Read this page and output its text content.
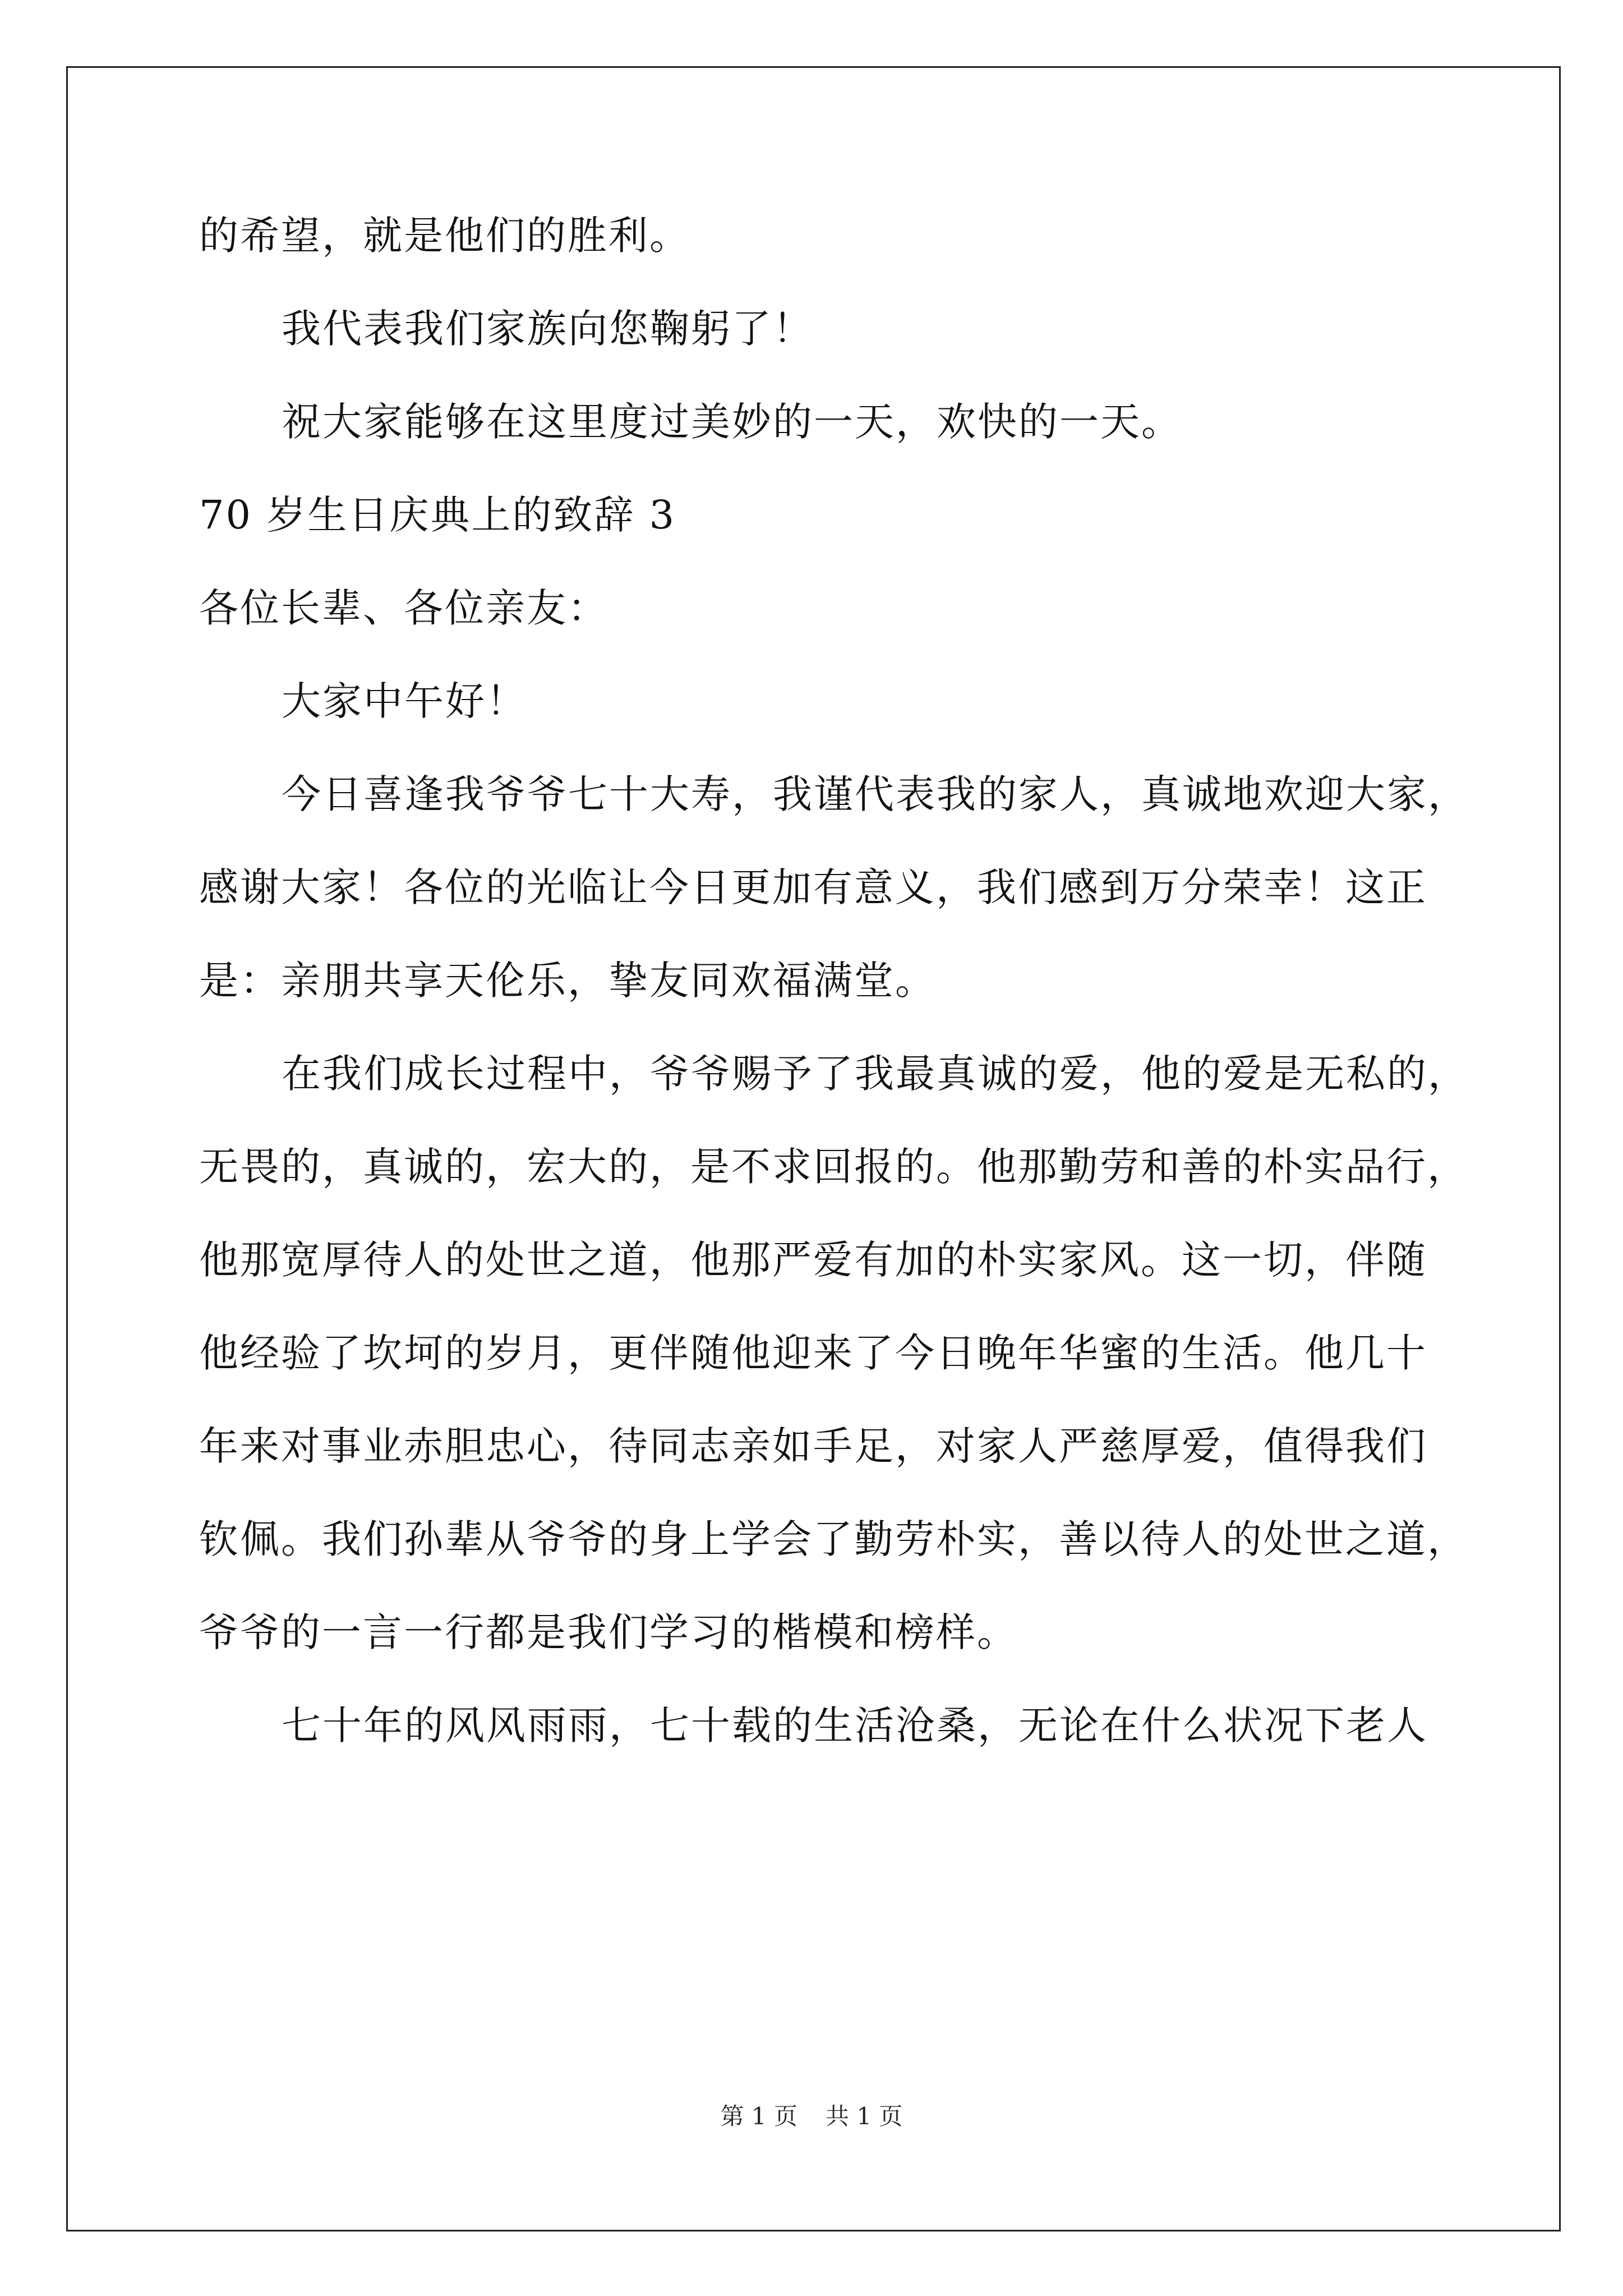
的希望，就是他们的胜利。
我代表我们家族向您鞠躬了！
祝大家能够在这里度过美妙的一天，欢快的一天。
70 岁生日庆典上的致辞 3
各位长辈、各位亲友：
大家中午好！
今日喜逢我爷爷七十大寿，我谨代表我的家人，真诚地欢迎大家，
感谢大家！各位的光临让今日更加有意义，我们感到万分荣幸！这正
是：亲朋共享天伦乐，挚友同欢福满堂。
在我们成长过程中，爷爷赐予了我最真诚的爱，他的爱是无私的，
无畏的，真诚的，宏大的，是不求回报的。他那勤劳和善的朴实品行，
他那宽厚待人的处世之道，他那严爱有加的朴实家风。这一切，伴随
他经验了坎坷的岁月，更伴随他迎来了今日晚年华蜜的生活。他几十
年来对事业赤胆忠心，待同志亲如手足，对家人严慈厚爱，值得我们
钦佩。我们孙辈从爷爷的身上学会了勤劳朴实，善以待人的处世之道，
爷爷的一言一行都是我们学习的楷模和榜样。
七十年的风风雨雨，七十载的生活沧桑，无论在什么状况下老人
第 1 页 共 1 页
